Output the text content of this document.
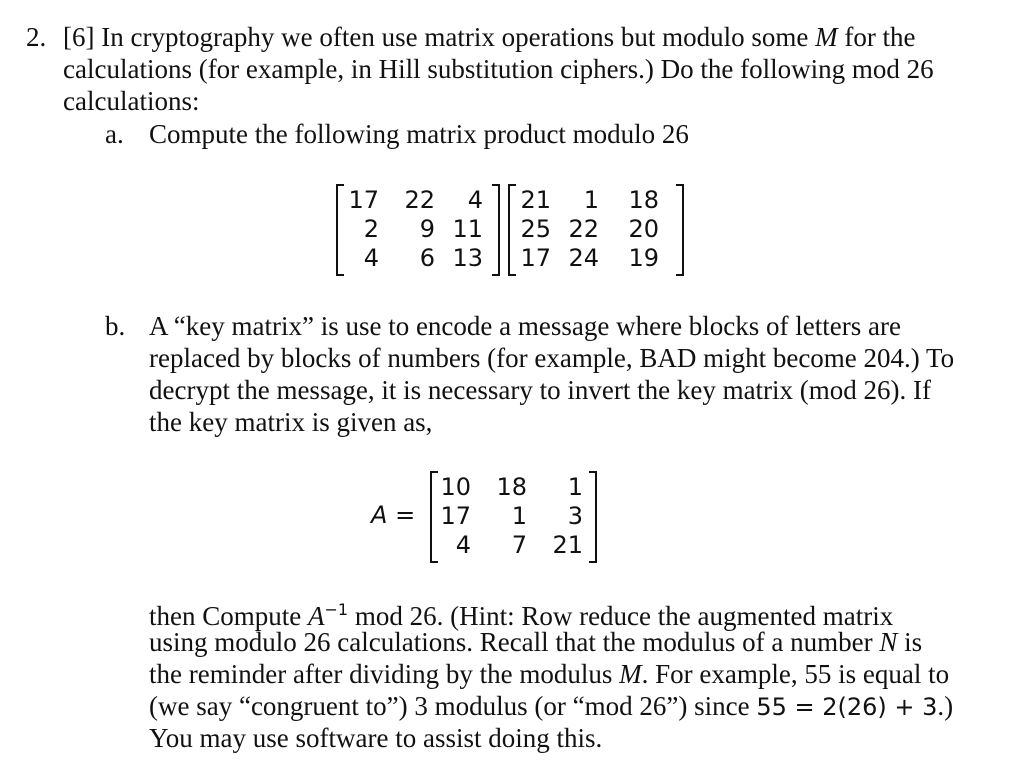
2. [6] In cryptography we often use matrix operations but modulo some M for the
calculations (for example, in Hill substitution ciphers.) Do the following mod 26
calculations:
a. Compute the following matrix product modulo 26
17	22	4
2	9	11
4	6	13
21	1	18
25	22	20
17	24	19
b. A “key matrix” is use to encode a message where blocks of letters are
replaced by blocks of numbers (for example, BAD might become 204.) To
decrypt the message, it is necessary to invert the key matrix (mod 26). If
the key matrix is given as,
A =
10	18	1
17	1	3
4	7	21
then Compute $A^{-1}$ mod 26. (Hint: Row reduce the augmented matrix
using modulo 26 calculations. Recall that the modulus of a number N is
the reminder after dividing by the modulus M. For example, 55 is equal to
(we say “congruent to”) 3 modulus (or “mod 26”) since 55 = 2(26) + 3.)
You may use software to assist doing this.
